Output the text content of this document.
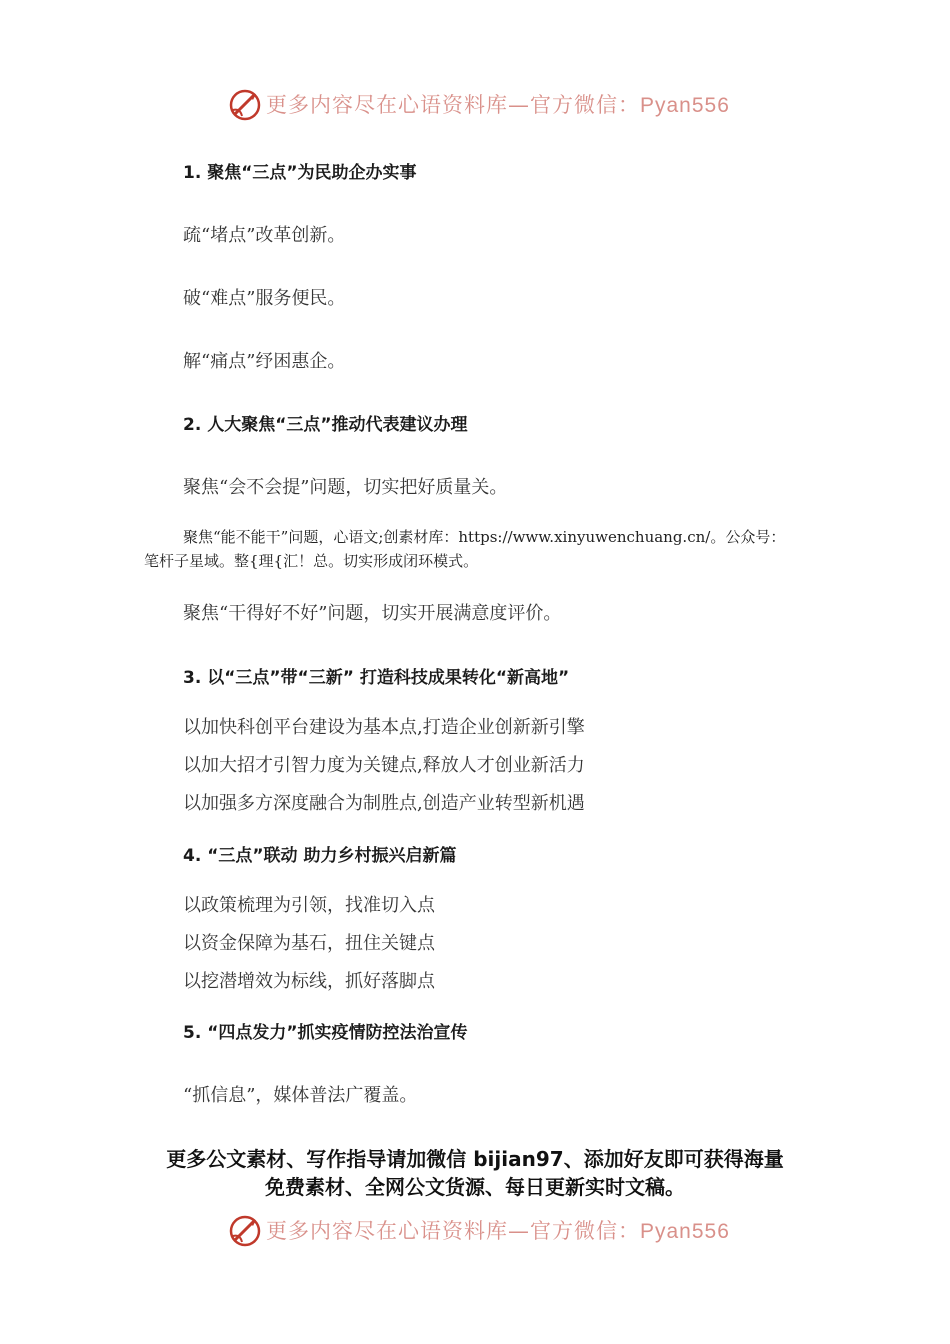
更多内容尽在心语资料库—官方微信：Pyan556
1. 聚焦“三点”为民助企办实事
疏“堵点”改革创新。
破“难点”服务便民。
解“痛点”纾困惠企。
2. 人大聚焦“三点”推动代表建议办理
聚焦“会不会提”问题，切实把好质量关。
聚焦“能不能干”问题，心语文;创素材库：https://www.xinyuwenchuang.cn/。公众号：
笔杆子星域。整{理{汇！总。切实形成闭环模式。
聚焦“干得好不好”问题，切实开展满意度评价。
3. 以“三点”带“三新” 打造科技成果转化“新高地”
以加快科创平台建设为基本点,打造企业创新新引擎
以加大招才引智力度为关键点,释放人才创业新活力
以加强多方深度融合为制胜点,创造产业转型新机遇
4. “三点”联动 助力乡村振兴启新篇
以政策梳理为引领，找准切入点
以资金保障为基石，扭住关键点
以挖潜增效为标线，抓好落脚点
5. “四点发力”抓实疫情防控法治宣传
“抓信息”，媒体普法广覆盖。
更多公文素材、写作指导请加微信 bijian97、添加好友即可获得海量
免费素材、全网公文货源、每日更新实时文稿。
更多内容尽在心语资料库—官方微信：Pyan556
